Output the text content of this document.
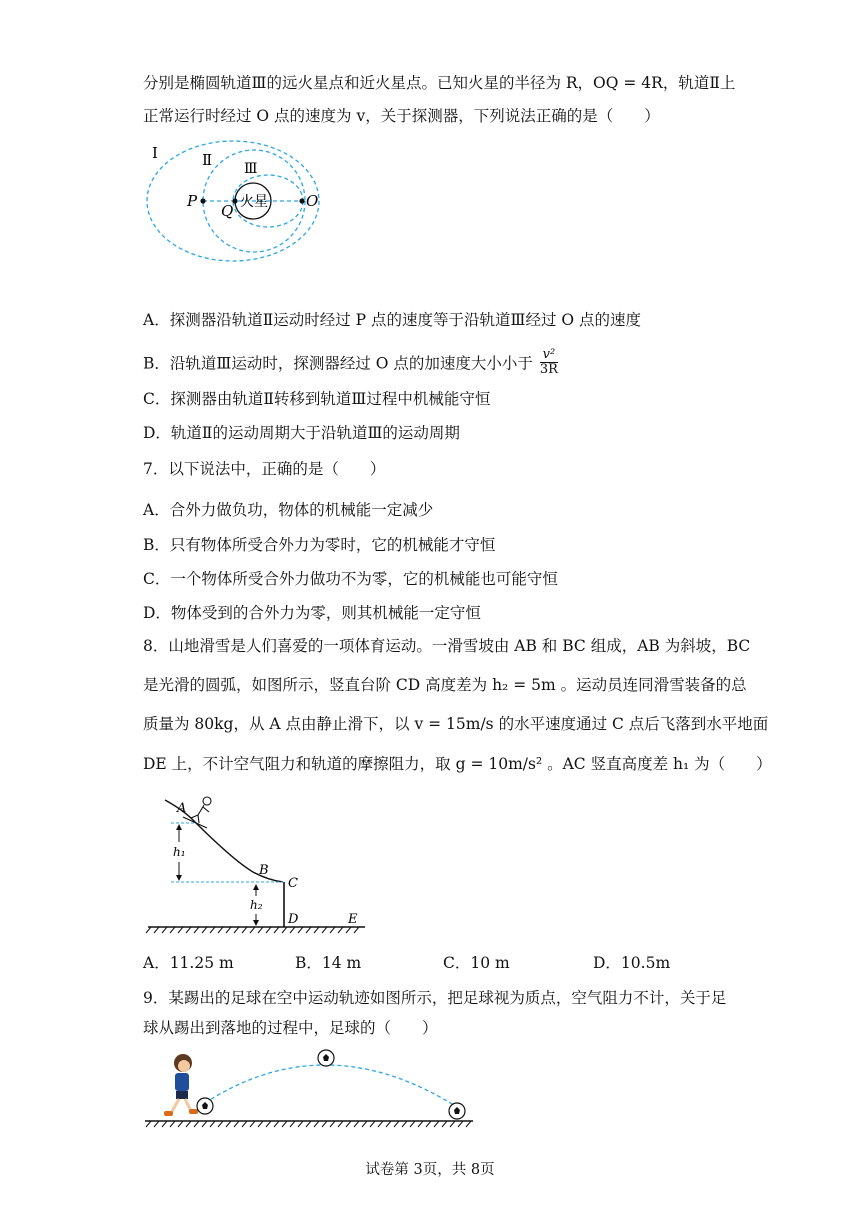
分别是椭圆轨道Ⅲ的远火星点和近火星点。已知火星的半径为 R，OQ = 4R，轨道Ⅱ上
正常运行时经过 O 点的速度为 v，关于探测器，下列说法正确的是（　　）
Ⅰ	Ⅱ Ⅲ
火星
P
Q
O
A．探测器沿轨道Ⅱ运动时经过 P 点的速度等于沿轨道Ⅲ经过 O 点的速度
B．沿轨道Ⅲ运动时，探测器经过 O 点的加速度大小小于 $\frac{\text{v²}}{3R}$
C．探测器由轨道Ⅱ转移到轨道Ⅲ过程中机械能守恒
D．轨道Ⅱ的运动周期大于沿轨道Ⅲ的运动周期
7．以下说法中，正确的是（　　）
A．合外力做负功，物体的机械能一定减少
B．只有物体所受合外力为零时，它的机械能才守恒
C．一个物体所受合外力做功不为零，它的机械能也可能守恒
D．物体受到的合外力为零，则其机械能一定守恒
8．山地滑雪是人们喜爱的一项体育运动。一滑雪坡由 AB 和 BC 组成，AB 为斜坡，BC
是光滑的圆弧，如图所示，竖直台阶 CD 高度差为 h₂ = 5m 。运动员连同滑雪装备的总
质量为 80kg，从 A 点由静止滑下，以 v = 15m/s 的水平速度通过 C 点后飞落到水平地面
DE 上，不计空气阻力和轨道的摩擦阻力，取 g = 10m/s² 。AC 竖直高度差 h₁ 为（　　）
A
B
C
D	E
h₁
h₂
A．11.25 m	B．14 m	C．10 m	D．10.5m
9．某踢出的足球在空中运动轨迹如图所示，把足球视为质点，空气阻力不计，关于足
球从踢出到落地的过程中，足球的（　　）
试卷第 3页，共 8页
